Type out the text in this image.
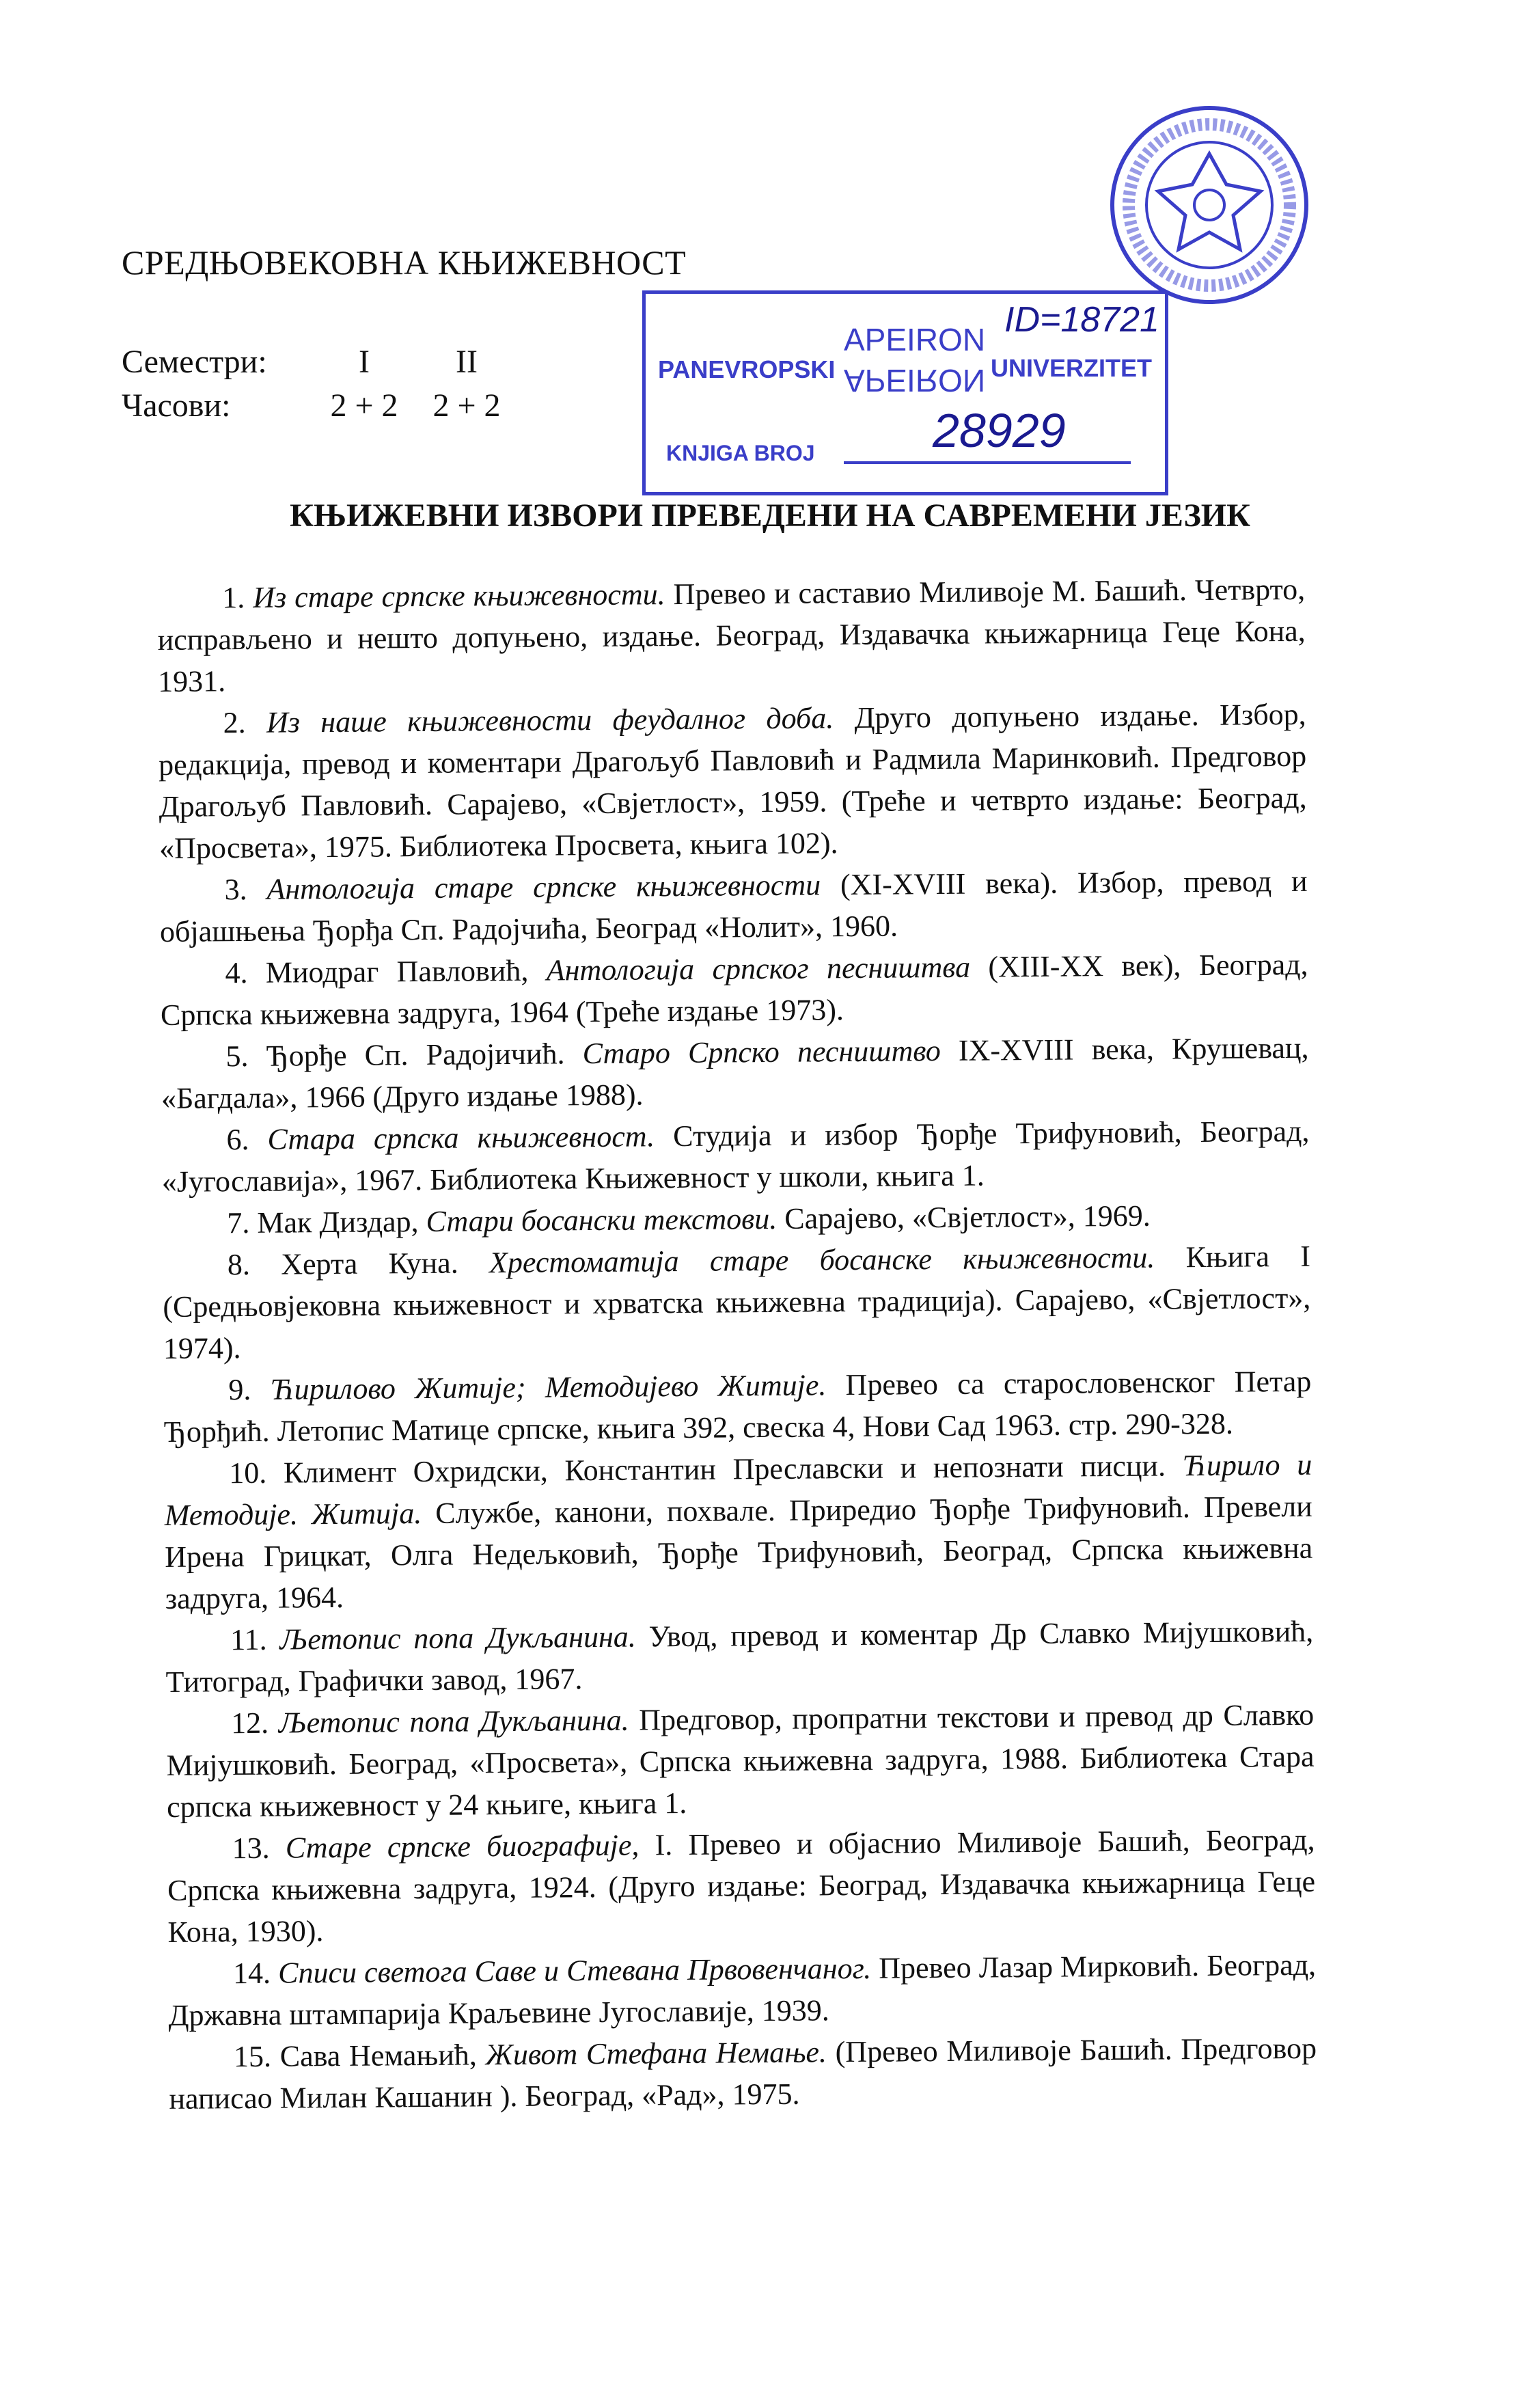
СРЕДЊОВЕКОВНА КЊИЖЕВНОСТ
Семестри:	I	II
Часови:	2 + 2	2 + 2
PANEVROPSKI
APEIRON
APEIRON UNIVERZITET
ID=18721
KNJIGA BROJ 28929
КЊИЖЕВНИ ИЗВОРИ ПРЕВЕДЕНИ НА САВРЕМЕНИ ЈЕЗИК

1. Из старе српске књижевности. Превео и саставио Миливоје М. Башић. Четврто, исправљено и нешто допуњено, издање. Београд, Издавачка књижарница Геце Кона, 1931.

2. Из наше књижевности феудалног доба. Друго допуњено издање. Избор, редакција, превод и коментари Драгољуб Павловић и Радмила Маринковић. Предговор Драгољуб Павловић. Сарајево, «Свјетлост», 1959. (Треће и четврто издање: Београд, «Просвета», 1975. Библиотека Просвета, књига 102).

3. Антологија старе српске књижевности (XI-XVIII века). Избор, превод и објашњења Ђорђа Сп. Радојчића, Београд «Нолит», 1960.

4. Миодраг Павловић, Антологија српског песништва (XIII-XX век), Београд, Српска књижевна задруга, 1964 (Треће издање 1973).

5. Ђорђе Сп. Радојичић. Старо Српско песништво IX-XVIII века, Крушевац, «Багдала», 1966 (Друго издање 1988).

6. Стара српска књижевност. Студија и избор Ђорђе Трифуновић, Београд, «Југославија», 1967. Библиотека Књижевност у школи, књига 1.

7. Мак Диздар, Стари босански текстови. Сарајево, «Свјетлост», 1969.

8. Херта Куна. Хрестоматија старе босанске књижевности. Књига I (Средњовјековна књижевност и хрватска књижевна традиција). Сарајево, «Свјетлост», 1974).

9. Ћирилово Житије; Методијево Житије. Превео са старословенског Петар Ђорђић. Летопис Матице српске, књига 392, свеска 4, Нови Сад 1963. стр. 290-328.

10. Климент Охридски, Константин Преславски и непознати писци. Ћирило и Методије. Житија. Службе, канони, похвале. Приредио Ђорђе Трифуновић. Превели Ирена Грицкат, Олга Недељковић, Ђорђе Трифуновић, Београд, Српска књижевна задруга, 1964.

11. Љетопис попа Дукљанина. Увод, превод и коментар Др Славко Мијушковић, Титоград, Графички завод, 1967.

12. Љетопис попа Дукљанина. Предговор, пропратни текстови и превод др Славко Мијушковић. Београд, «Просвета», Српска књижевна задруга, 1988. Библиотека Стара српска књижевност у 24 књиге, књига 1.

13. Старе српске биографије, I. Превео и објаснио Миливоје Башић, Београд, Српска књижевна задруга, 1924. (Друго издање: Београд, Издавачка књижарница Геце Кона, 1930).

14. Списи светога Саве и Стевана Првовенчаног. Превео Лазар Мирковић. Београд, Државна штампарија Краљевине Југославије, 1939.

15. Сава Немањић, Живот Стефана Немање. (Превео Миливоје Башић. Предговор написао Милан Кашанин ). Београд, «Рад», 1975.
